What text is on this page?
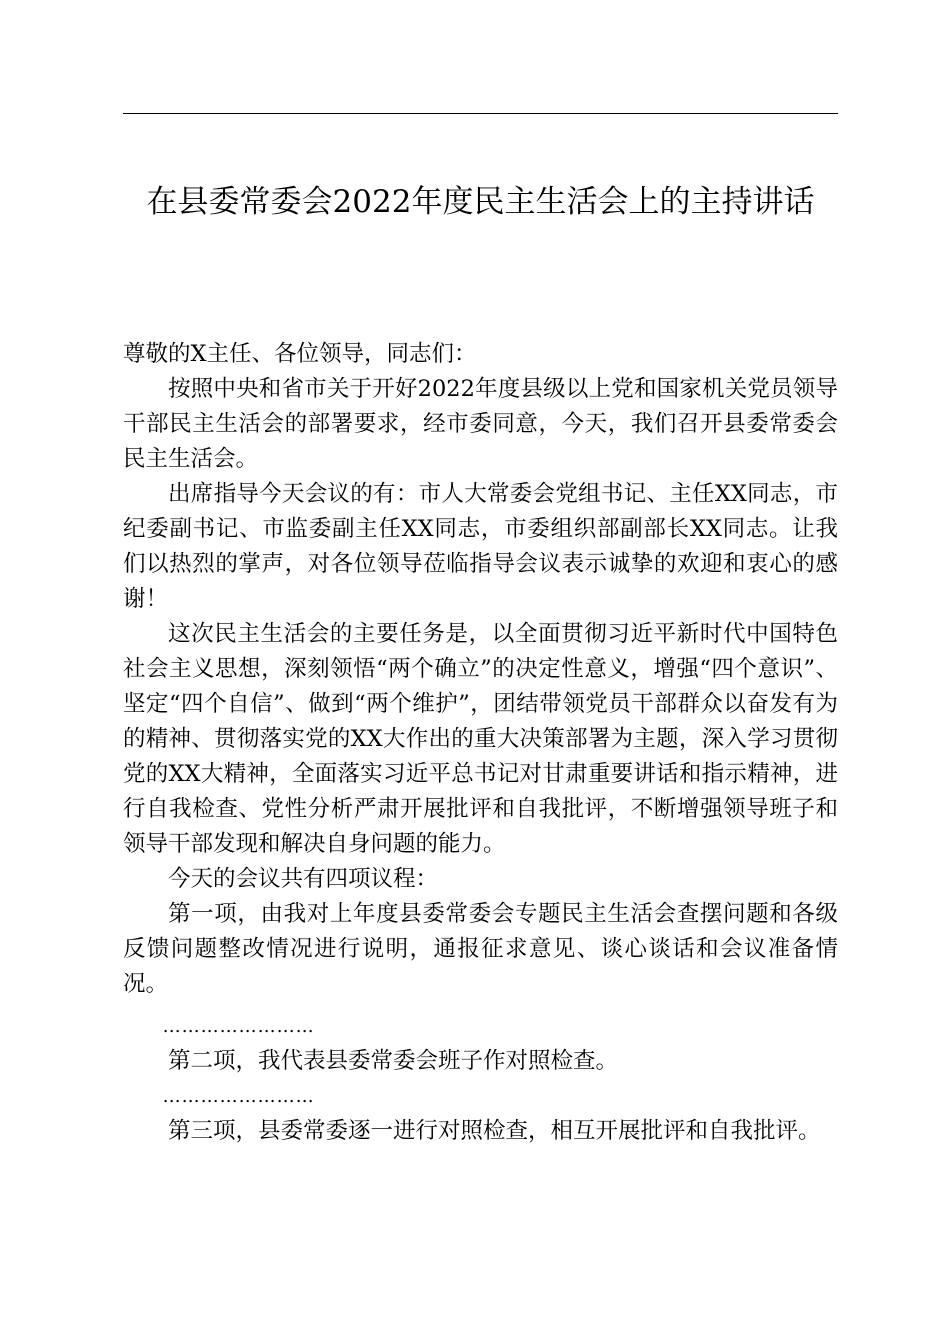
在县委常委会2022年度民主生活会上的主持讲话

尊敬的X主任、各位领导，同志们：

按照中央和省市关于开好2022年度县级以上党和国家机关党员领导干部民主生活会的部署要求，经市委同意，今天，我们召开县委常委会民主生活会。

出席指导今天会议的有：市人大常委会党组书记、主任XX同志，市纪委副书记、市监委副主任XX同志，市委组织部副部长XX同志。让我们以热烈的掌声，对各位领导莅临指导会议表示诚挚的欢迎和衷心的感谢！

这次民主生活会的主要任务是，以全面贯彻习近平新时代中国特色社会主义思想，深刻领悟“两个确立”的决定性意义，增强“四个意识”、坚定“四个自信”、做到“两个维护”，团结带领党员干部群众以奋发有为的精神、贯彻落实党的XX大作出的重大决策部署为主题，深入学习贯彻党的XX大精神，全面落实习近平总书记对甘肃重要讲话和指示精神，进行自我检查、党性分析严肃开展批评和自我批评，不断增强领导班子和领导干部发现和解决自身问题的能力。

今天的会议共有四项议程：

第一项，由我对上年度县委常委会专题民主生活会查摆问题和各级反馈问题整改情况进行说明，通报征求意见、谈心谈话和会议准备情况。

……………………

第二项，我代表县委常委会班子作对照检查。

……………………

第三项，县委常委逐一进行对照检查，相互开展批评和自我批评。
